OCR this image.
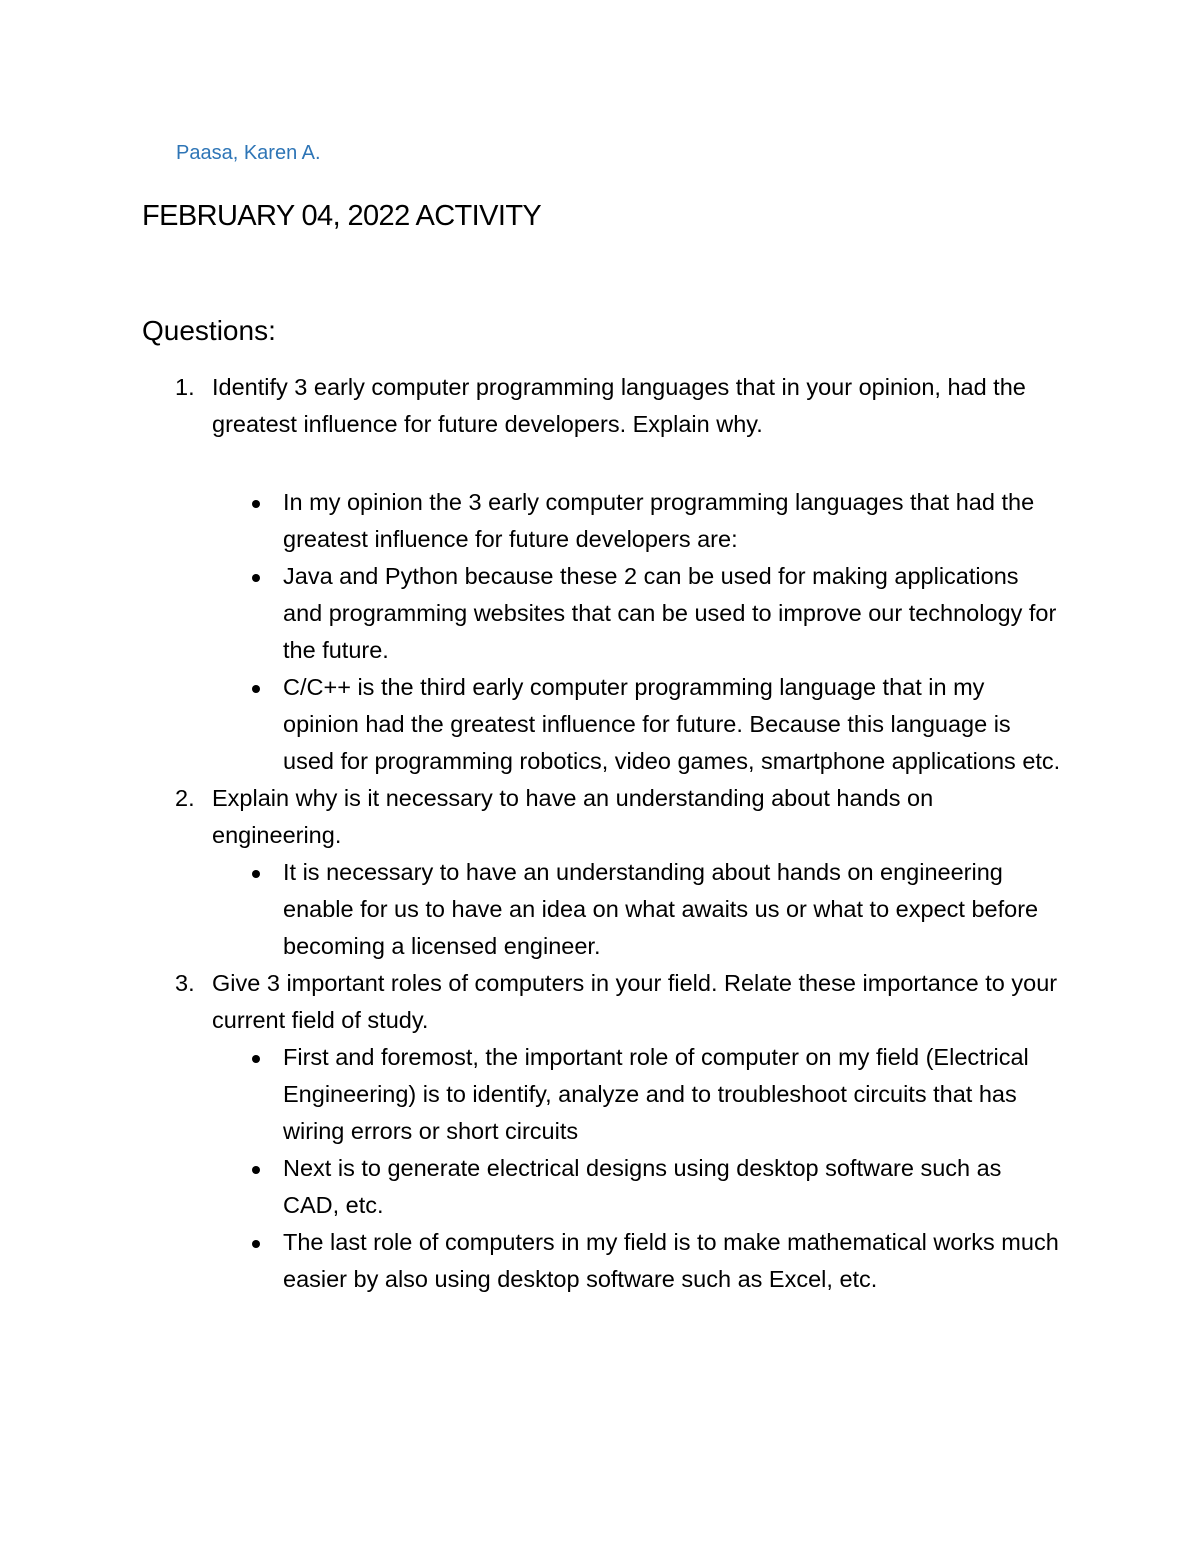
Paasa, Karen A.
FEBRUARY 04, 2022 ACTIVITY
Questions:
1. Identify 3 early computer programming languages that in your opinion, had the greatest influence for future developers. Explain why.
In my opinion the 3 early computer programming languages that had the greatest influence for future developers are:
Java and Python because these 2 can be used for making applications and programming websites that can be used to improve our technology for the future.
C/C++ is the third early computer programming language that in my opinion had the greatest influence for future. Because this language is used for programming robotics, video games, smartphone applications etc.
2. Explain why is it necessary to have an understanding about hands on engineering.
It is necessary to have an understanding about hands on engineering enable for us to have an idea on what awaits us or what to expect before becoming a licensed engineer.
3. Give 3 important roles of computers in your field. Relate these importance to your current field of study.
First and foremost, the important role of computer on my field (Electrical Engineering) is to identify, analyze and to troubleshoot circuits that has wiring errors or short circuits
Next is to generate electrical designs using desktop software such as CAD, etc.
The last role of computers in my field is to make mathematical works much easier by also using desktop software such as Excel, etc.
